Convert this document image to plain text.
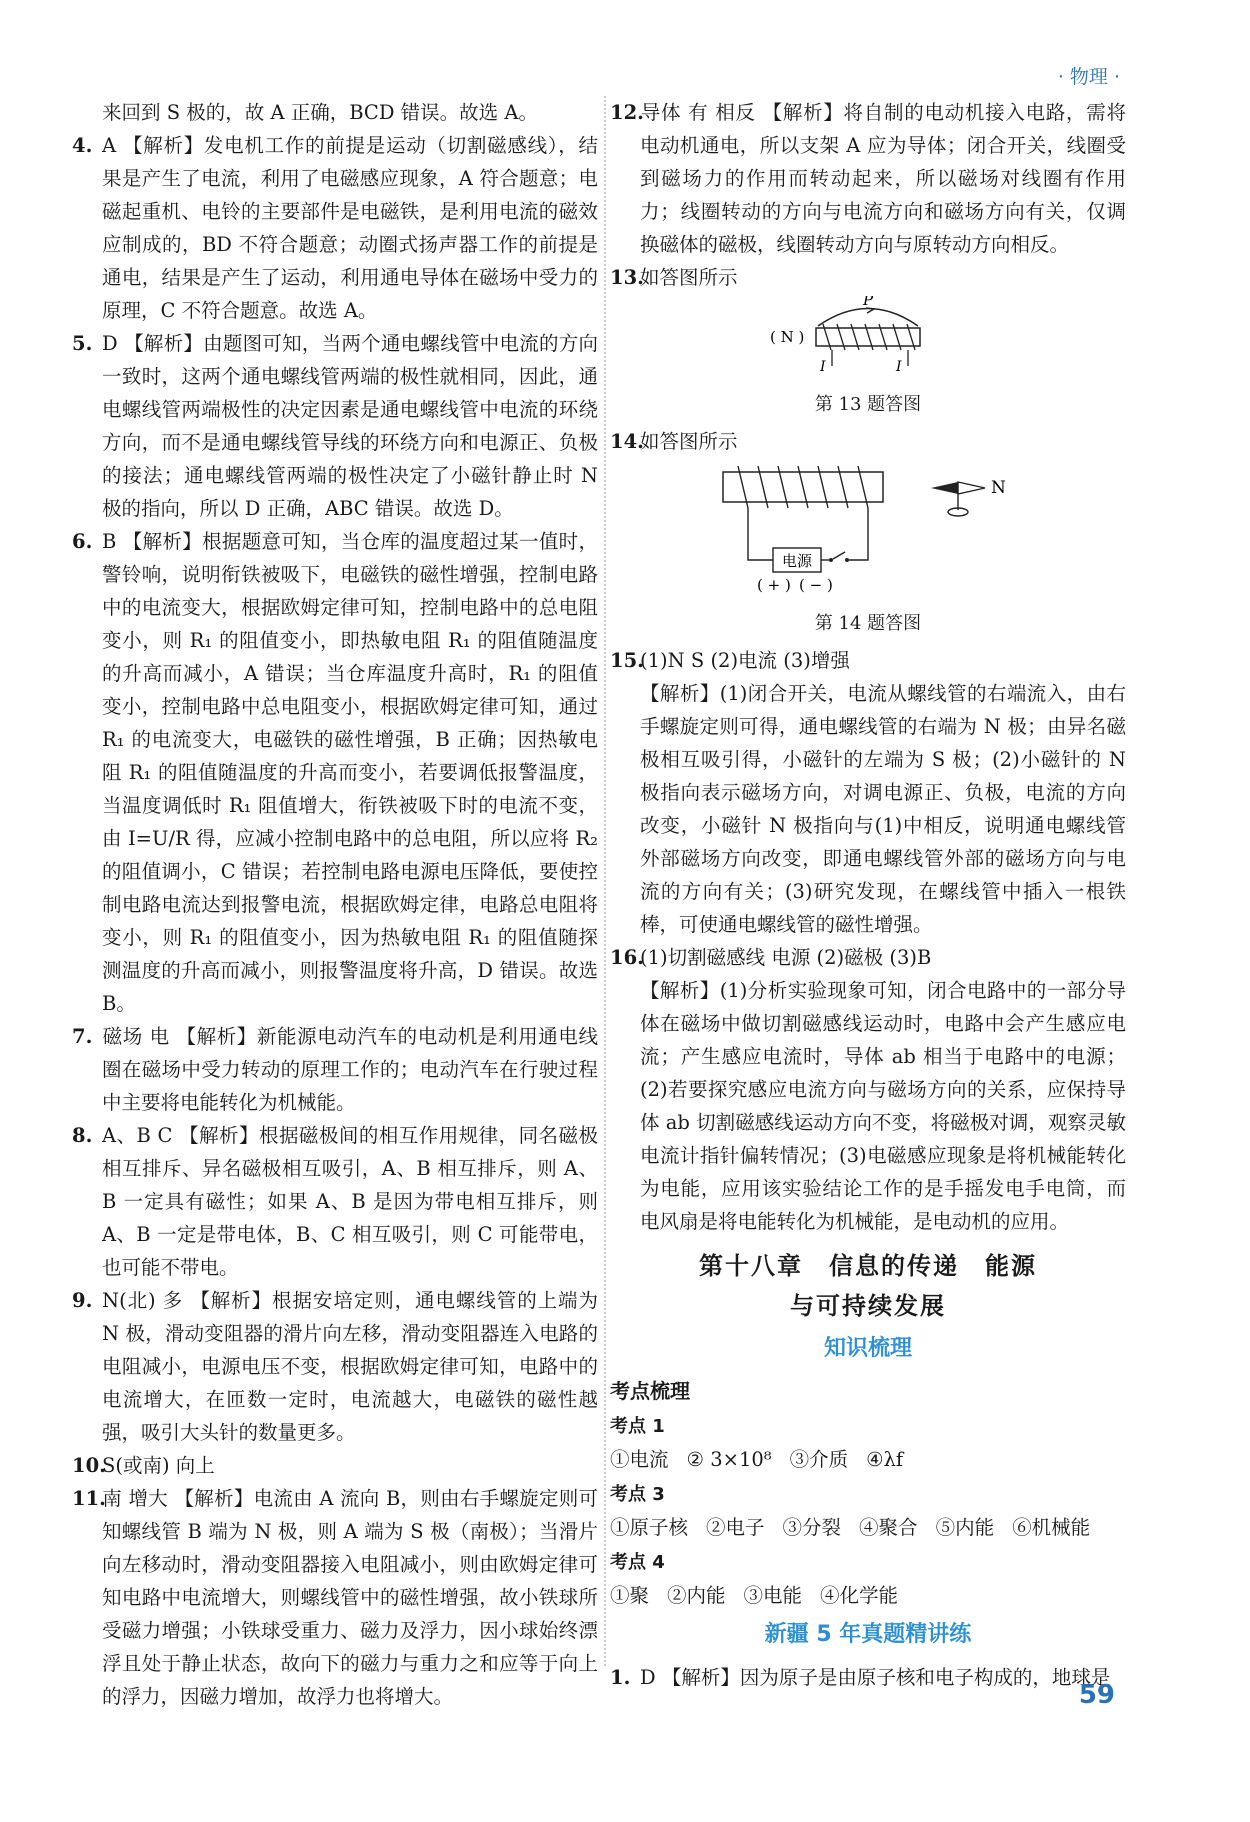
· 物理 ·

来回到 S 极的，故 A 正确，BCD 错误。故选 A。

4. A 【解析】发电机工作的前提是运动（切割磁感线），结果是产生了电流，利用了电磁感应现象，A 符合题意；电磁起重机、电铃的主要部件是电磁铁，是利用电流的磁效应制成的，BD 不符合题意；动圈式扬声器工作的前提是通电，结果是产生了运动，利用通电导体在磁场中受力的原理，C 不符合题意。故选 A。

5. D 【解析】由题图可知，当两个通电螺线管中电流的方向一致时，这两个通电螺线管两端的极性就相同，因此，通电螺线管两端极性的决定因素是通电螺线管中电流的环绕方向，而不是通电螺线管导线的环绕方向和电源正、负极的接法；通电螺线管两端的极性决定了小磁针静止时 N 极的指向，所以 D 正确，ABC 错误。故选 D。

6. B 【解析】根据题意可知，当仓库的温度超过某一值时，警铃响，说明衔铁被吸下，电磁铁的磁性增强，控制电路中的电流变大，根据欧姆定律可知，控制电路中的总电阻变小，则 R₁ 的阻值变小，即热敏电阻 R₁ 的阻值随温度的升高而减小，A 错误；当仓库温度升高时，R₁ 的阻值变小，控制电路中总电阻变小，根据欧姆定律可知，通过 R₁ 的电流变大，电磁铁的磁性增强，B 正确；因热敏电阻 R₁ 的阻值随温度的升高而变小，若要调低报警温度，当温度调低时 R₁ 阻值增大，衔铁被吸下时的电流不变，由 I=U/R 得，应减小控制电路中的总电阻，所以应将 R₂ 的阻值调小，C 错误；若控制电路电源电压降低，要使控制电路电流达到报警电流，根据欧姆定律，电路总电阻将变小，则 R₁ 的阻值变小，因为热敏电阻 R₁ 的阻值随探测温度的升高而减小，则报警温度将升高，D 错误。故选 B。

7. 磁场 电 【解析】新能源电动汽车的电动机是利用通电线圈在磁场中受力转动的原理工作的；电动汽车在行驶过程中主要将电能转化为机械能。

8. A、B C 【解析】根据磁极间的相互作用规律，同名磁极相互排斥、异名磁极相互吸引，A、B 相互排斥，则 A、B 一定具有磁性；如果 A、B 是因为带电相互排斥，则 A、B 一定是带电体，B、C 相互吸引，则 C 可能带电，也可能不带电。

9. N(北) 多 【解析】根据安培定则，通电螺线管的上端为 N 极，滑动变阻器的滑片向左移，滑动变阻器连入电路的电阻减小，电源电压不变，根据欧姆定律可知，电路中的电流增大，在匝数一定时，电流越大，电磁铁的磁性越强，吸引大头针的数量更多。

10.S(或南) 向上

11.南 增大 【解析】电流由 A 流向 B，则由右手螺旋定则可知螺线管 B 端为 N 极，则 A 端为 S 极（南极）；当滑片向左移动时，滑动变阻器接入电阻减小，则由欧姆定律可知电路中电流增大，则螺线管中的磁性增强，故小铁球所受磁力增强；小铁球受重力、磁力及浮力，因小球始终漂浮且处于静止状态，故向下的磁力与重力之和应等于向上的浮力，因磁力增加，故浮力也将增大。

12.导体 有 相反 【解析】将自制的电动机接入电路，需将电动机通电，所以支架 A 应为导体；闭合开关，线圈受到磁场力的作用而转动起来，所以磁场对线圈有作用力；线圈转动的方向与电流方向和磁场方向有关，仅调换磁体的磁极，线圈转动方向与原转动方向相反。

13.如答图所示

P
( N )
I	I

第 13 题答图

14.如答图所示

电源
( + ) ( − )
N

第 14 题答图

15.(1)N S (2)电流 (3)增强

【解析】(1)闭合开关，电流从螺线管的右端流入，由右手螺旋定则可得，通电螺线管的右端为 N 极；由异名磁极相互吸引得，小磁针的左端为 S 极；(2)小磁针的 N 极指向表示磁场方向，对调电源正、负极，电流的方向改变，小磁针 N 极指向与(1)中相反，说明通电螺线管外部磁场方向改变，即通电螺线管外部的磁场方向与电流的方向有关；(3)研究发现，在螺线管中插入一根铁棒，可使通电螺线管的磁性增强。

16.(1)切割磁感线 电源 (2)磁极 (3)B

【解析】(1)分析实验现象可知，闭合电路中的一部分导体在磁场中做切割磁感线运动时，电路中会产生感应电流；产生感应电流时，导体 ab 相当于电路中的电源；(2)若要探究感应电流方向与磁场方向的关系，应保持导体 ab 切割磁感线运动方向不变，将磁极对调，观察灵敏电流计指针偏转情况；(3)电磁感应现象是将机械能转化为电能，应用该实验结论工作的是手摇发电手电筒，而电风扇是将电能转化为机械能，是电动机的应用。

第十八章　信息的传递　能源
与可持续发展
知识梳理
考点梳理

考点 1

①电流 ② 3×10⁸ ③介质 ④λf

考点 3

①原子核 ②电子 ③分裂 ④聚合 ⑤内能 ⑥机械能

考点 4

①聚 ②内能 ③电能 ④化学能

新疆 5 年真题精讲练

1. D 【解析】因为原子是由原子核和电子构成的，地球是

59
